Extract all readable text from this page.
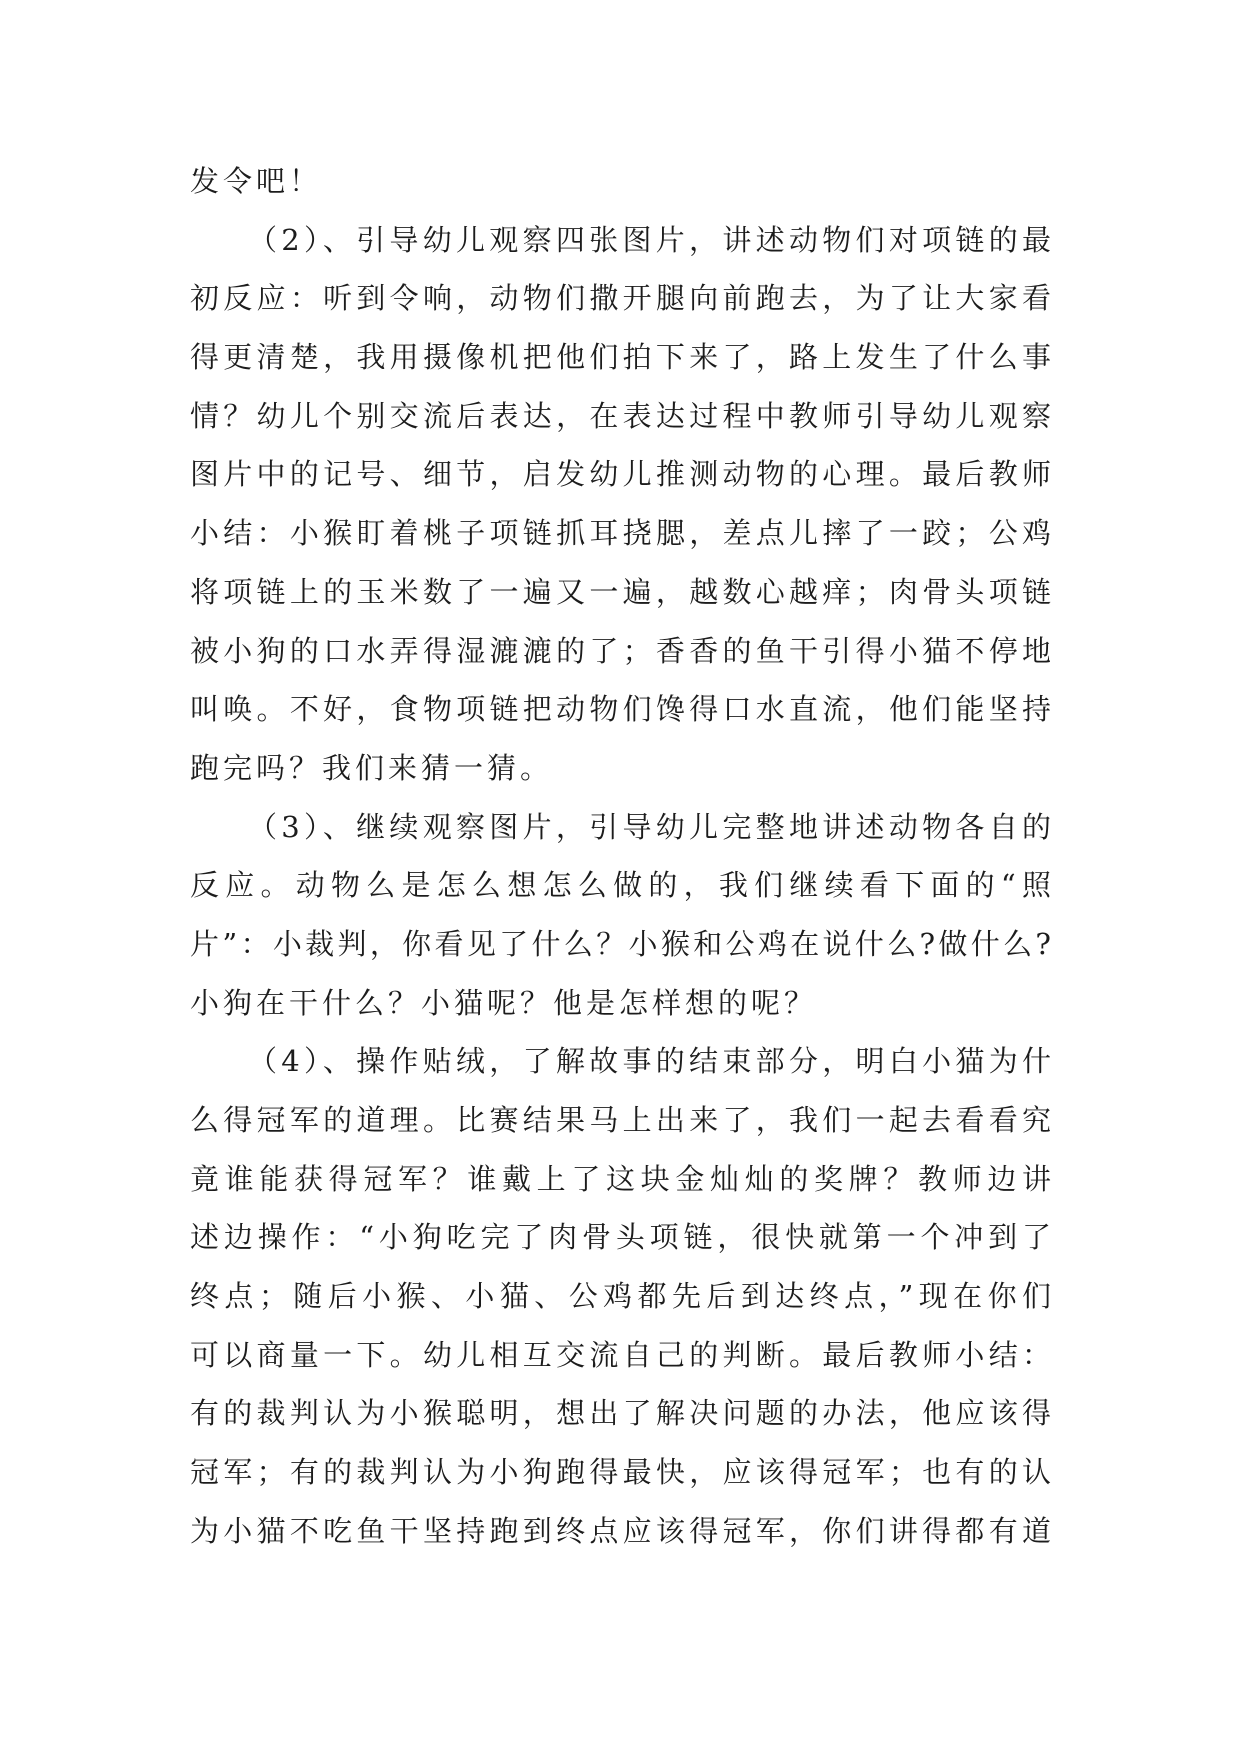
发令吧！
（2）、引导幼儿观察四张图片，讲述动物们对项链的最
初反应：听到令响，动物们撒开腿向前跑去，为了让大家看
得更清楚，我用摄像机把他们拍下来了，路上发生了什么事
情？幼儿个别交流后表达，在表达过程中教师引导幼儿观察
图片中的记号、细节，启发幼儿推测动物的心理。最后教师
小结：小猴盯着桃子项链抓耳挠腮，差点儿摔了一跤；公鸡
将项链上的玉米数了一遍又一遍，越数心越痒；肉骨头项链
被小狗的口水弄得湿漉漉的了；香香的鱼干引得小猫不停地
叫唤。不好，食物项链把动物们馋得口水直流，他们能坚持
跑完吗？我们来猜一猜。
（3）、继续观察图片，引导幼儿完整地讲述动物各自的
反应。动物么是怎么想怎么做的，我们继续看下面的“照
片”：小裁判，你看见了什么？小猴和公鸡在说什么?做什么?
小狗在干什么？小猫呢？他是怎样想的呢？
（4）、操作贴绒，了解故事的结束部分，明白小猫为什
么得冠军的道理。比赛结果马上出来了，我们一起去看看究
竟谁能获得冠军？谁戴上了这块金灿灿的奖牌？教师边讲
述边操作：“小狗吃完了肉骨头项链，很快就第一个冲到了
终点；随后小猴、小猫、公鸡都先后到达终点，”现在你们
可以商量一下。幼儿相互交流自己的判断。最后教师小结：
有的裁判认为小猴聪明，想出了解决问题的办法，他应该得
冠军；有的裁判认为小狗跑得最快，应该得冠军；也有的认
为小猫不吃鱼干坚持跑到终点应该得冠军，你们讲得都有道
